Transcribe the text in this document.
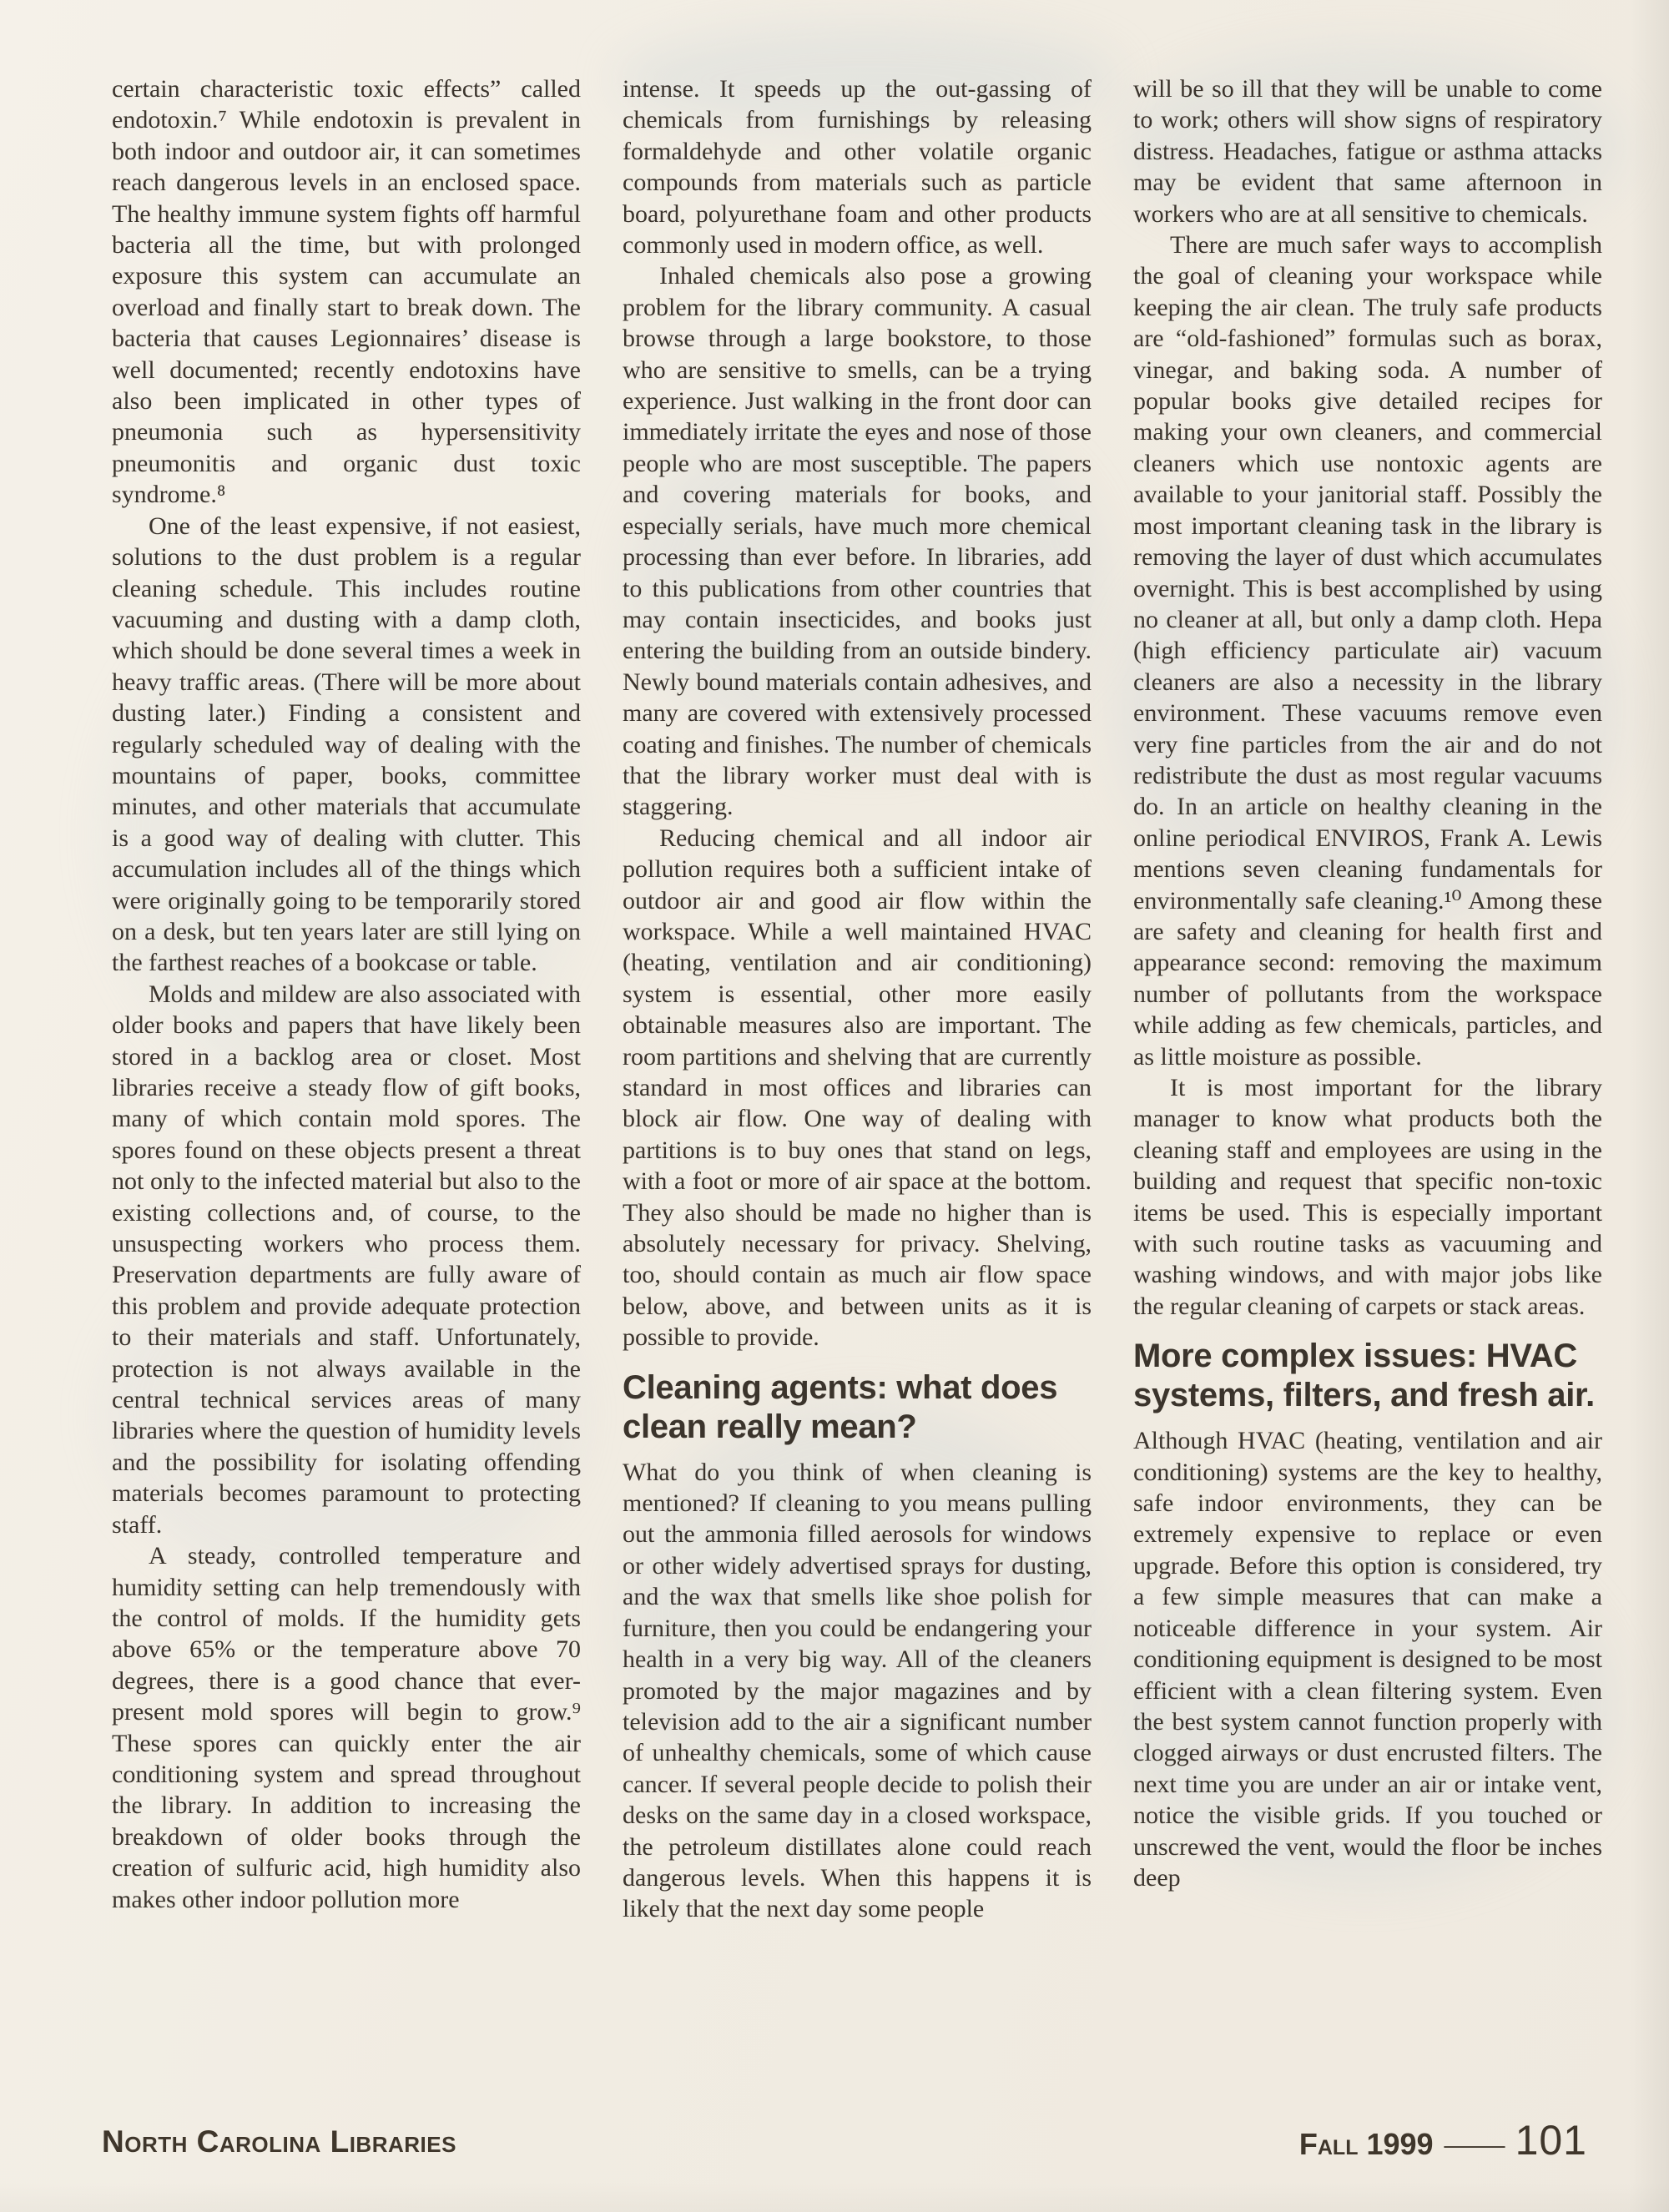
certain characteristic toxic effects” called endotoxin.⁷ While endotoxin is prevalent in both indoor and outdoor air, it can sometimes reach dangerous levels in an enclosed space. The healthy immune system fights off harmful bacteria all the time, but with prolonged exposure this system can accumulate an overload and finally start to break down. The bacteria that causes Legionnaires’ disease is well documented; recently endotoxins have also been implicated in other types of pneumonia such as hypersensitivity pneumonitis and organic dust toxic syndrome.⁸

One of the least expensive, if not easiest, solutions to the dust problem is a regular cleaning schedule. This includes routine vacuuming and dusting with a damp cloth, which should be done several times a week in heavy traffic areas. (There will be more about dusting later.) Finding a consistent and regularly scheduled way of dealing with the mountains of paper, books, committee minutes, and other materials that accumulate is a good way of dealing with clutter. This accumulation includes all of the things which were originally going to be temporarily stored on a desk, but ten years later are still lying on the farthest reaches of a bookcase or table.

Molds and mildew are also associated with older books and papers that have likely been stored in a backlog area or closet. Most libraries receive a steady flow of gift books, many of which contain mold spores. The spores found on these objects present a threat not only to the infected material but also to the existing collections and, of course, to the unsuspecting workers who process them. Preservation departments are fully aware of this problem and provide adequate protection to their materials and staff. Unfortunately, protection is not always available in the central technical services areas of many libraries where the question of humidity levels and the possibility for isolating offending materials becomes paramount to protecting staff.

A steady, controlled temperature and humidity setting can help tremendously with the control of molds. If the humidity gets above 65% or the temperature above 70 degrees, there is a good chance that ever-present mold spores will begin to grow.⁹ These spores can quickly enter the air conditioning system and spread throughout the library. In addition to increasing the breakdown of older books through the creation of sulfuric acid, high humidity also makes other indoor pollution more

intense. It speeds up the out-gassing of chemicals from furnishings by releasing formaldehyde and other volatile organic compounds from materials such as particle board, polyurethane foam and other products commonly used in modern office, as well.

Inhaled chemicals also pose a growing problem for the library community. A casual browse through a large bookstore, to those who are sensitive to smells, can be a trying experience. Just walking in the front door can immediately irritate the eyes and nose of those people who are most susceptible. The papers and covering materials for books, and especially serials, have much more chemical processing than ever before. In libraries, add to this publications from other countries that may contain insecticides, and books just entering the building from an outside bindery. Newly bound materials contain adhesives, and many are covered with extensively processed coating and finishes. The number of chemicals that the library worker must deal with is staggering.

Reducing chemical and all indoor air pollution requires both a sufficient intake of outdoor air and good air flow within the workspace. While a well maintained HVAC (heating, ventilation and air conditioning) system is essential, other more easily obtainable measures also are important. The room partitions and shelving that are currently standard in most offices and libraries can block air flow. One way of dealing with partitions is to buy ones that stand on legs, with a foot or more of air space at the bottom. They also should be made no higher than is absolutely necessary for privacy. Shelving, too, should contain as much air flow space below, above, and between units as it is possible to provide.

Cleaning agents: what does clean really mean?

What do you think of when cleaning is mentioned? If cleaning to you means pulling out the ammonia filled aerosols for windows or other widely advertised sprays for dusting, and the wax that smells like shoe polish for furniture, then you could be endangering your health in a very big way. All of the cleaners promoted by the major magazines and by television add to the air a significant number of unhealthy chemicals, some of which cause cancer. If several people decide to polish their desks on the same day in a closed workspace, the petroleum distillates alone could reach dangerous levels. When this happens it is likely that the next day some people

will be so ill that they will be unable to come to work; others will show signs of respiratory distress. Headaches, fatigue or asthma attacks may be evident that same afternoon in workers who are at all sensitive to chemicals.

There are much safer ways to accomplish the goal of cleaning your workspace while keeping the air clean. The truly safe products are “old-fashioned” formulas such as borax, vinegar, and baking soda. A number of popular books give detailed recipes for making your own cleaners, and commercial cleaners which use nontoxic agents are available to your janitorial staff. Possibly the most important cleaning task in the library is removing the layer of dust which accumulates overnight. This is best accomplished by using no cleaner at all, but only a damp cloth. Hepa (high efficiency particulate air) vacuum cleaners are also a necessity in the library environment. These vacuums remove even very fine particles from the air and do not redistribute the dust as most regular vacuums do. In an article on healthy cleaning in the online periodical ENVIROS, Frank A. Lewis mentions seven cleaning fundamentals for environmentally safe cleaning.¹⁰ Among these are safety and cleaning for health first and appearance second: removing the maximum number of pollutants from the workspace while adding as few chemicals, particles, and as little moisture as possible.

It is most important for the library manager to know what products both the cleaning staff and employees are using in the building and request that specific non-toxic items be used. This is especially important with such routine tasks as vacuuming and washing windows, and with major jobs like the regular cleaning of carpets or stack areas.

More complex issues: HVAC systems, filters, and fresh air.

Although HVAC (heating, ventilation and air conditioning) systems are the key to healthy, safe indoor environments, they can be extremely expensive to replace or even upgrade. Before this option is considered, try a few simple measures that can make a noticeable difference in your system. Air conditioning equipment is designed to be most efficient with a clean filtering system. Even the best system cannot function properly with clogged airways or dust encrusted filters. The next time you are under an air or intake vent, notice the visible grids. If you touched or unscrewed the vent, would the floor be inches deep

North Carolina Libraries	Fall 1999 — 101
